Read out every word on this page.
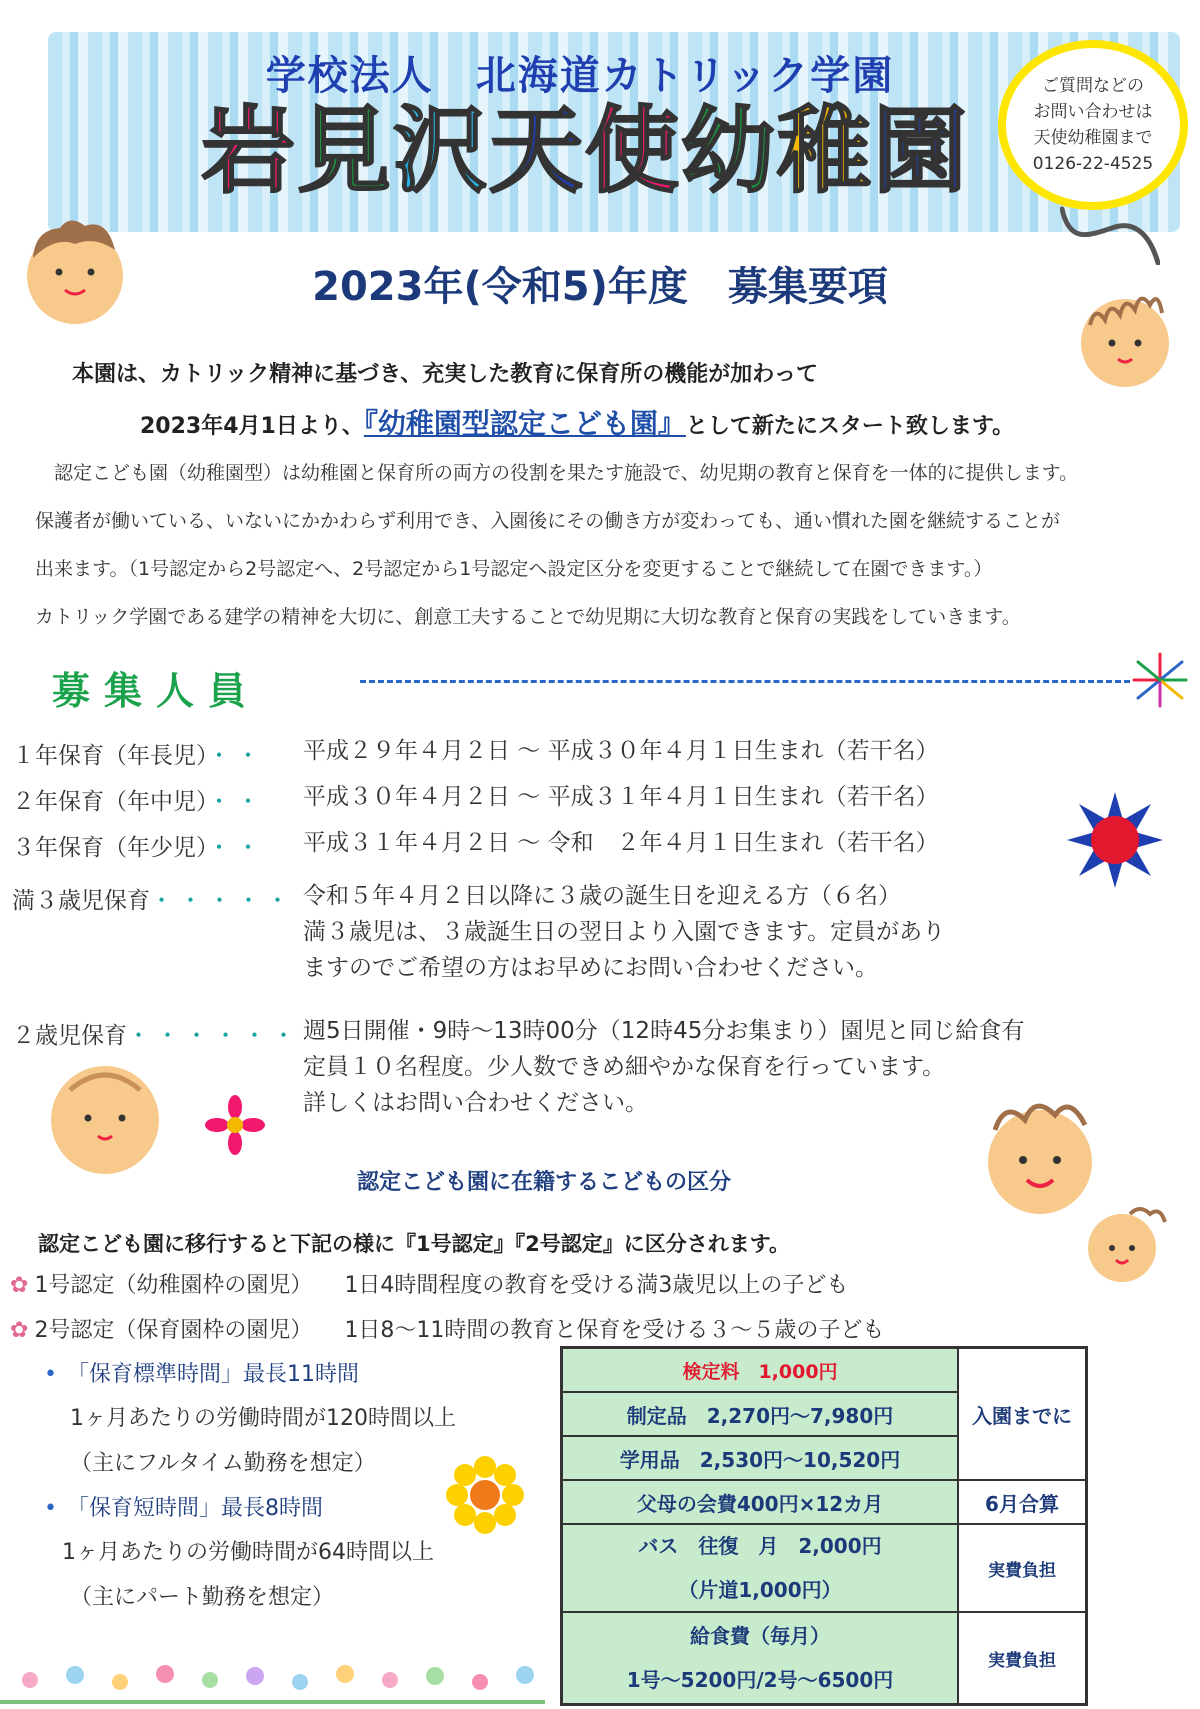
学校法人　北海道カトリック学園
岩見沢天使幼稚園
ご質問などの
お問い合わせは
天使幼稚園まで
0126-22-4525
2023年(令和5)年度　募集要項
本園は、カトリック精神に基づき、充実した教育に保育所の機能が加わって
2023年4月1日より、『幼稚園型認定こども園』として新たにスタート致します。
　認定こども園（幼稚園型）は幼稚園と保育所の両方の役割を果たす施設で、幼児期の教育と保育を一体的に提供します。
保護者が働いている、いないにかかわらず利用でき、入園後にその働き方が変わっても、通い慣れた園を継続することが
出来ます。（1号認定から2号認定へ、2号認定から1号認定へ設定区分を変更することで継続して在園できます。）
カトリック学園である建学の精神を大切に、創意工夫することで幼児期に大切な教育と保育の実践をしていきます。
募集人員
１年保育（年長児）・・ 平成２９年４月２日 ～ 平成３０年４月１日生まれ（若干名）
２年保育（年中児）・・ 平成３０年４月２日 ～ 平成３１年４月１日生まれ（若干名）
３年保育（年少児）・・ 平成３１年４月２日 ～ 令和　２年４月１日生まれ（若干名）
満３歳児保育・・・・・ 令和５年４月２日以降に３歳の誕生日を迎える方（６名）
満３歳児は、３歳誕生日の翌日より入園できます。定員があり
ますのでご希望の方はお早めにお問い合わせください。
２歳児保育・・・・・・ 週5日開催・9時～13時00分（12時45分お集まり）園児と同じ給食有
定員１０名程度。少人数できめ細やかな保育を行っています。
詳しくはお問い合わせください。
認定こども園に在籍するこどもの区分
認定こども園に移行すると下記の様に『1号認定』『2号認定』に区分されます。
✿ 1号認定（幼稚園枠の園児） 1日4時間程度の教育を受ける満3歳児以上の子ども
✿ 2号認定（保育園枠の園児） 1日8～11時間の教育と保育を受ける３～５歳の子ども
• 「保育標準時間」最長11時間
1ヶ月あたりの労働時間が120時間以上
（主にフルタイム勤務を想定）
• 「保育短時間」最長8時間
1ヶ月あたりの労働時間が64時間以上
（主にパート勤務を想定）
検定料　1,000円
制定品　2,270円～7,980円
学用品　2,530円～10,520円
入園までに
父母の会費400円×12カ月	6月合算
バス　往復　月　2,000円
（片道1,000円）
実費負担
給食費（毎月）
1号～5200円/2号～6500円
実費負担
